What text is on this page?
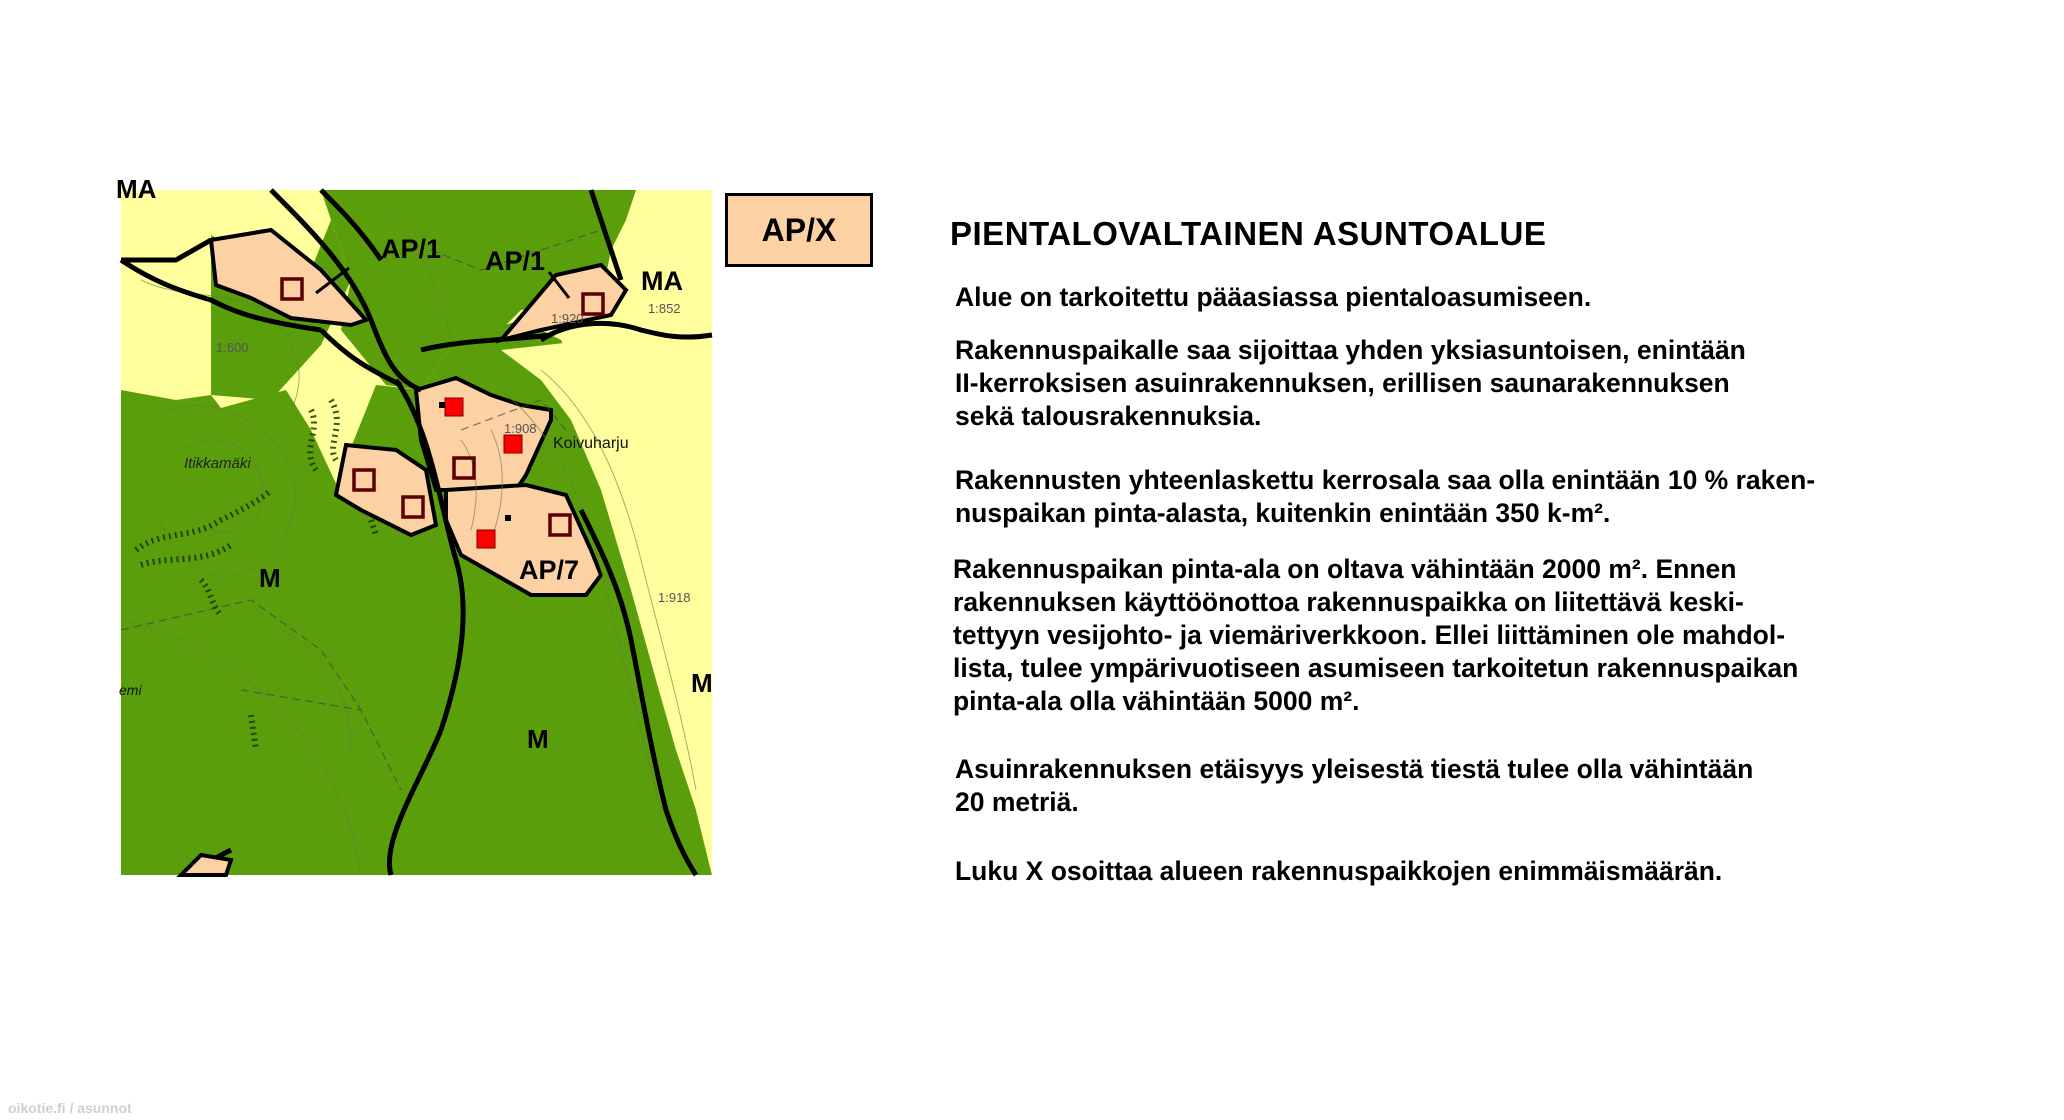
MA
AP/1 AP/1
MA
AP/7
M
M
M
Itikkamäki
Koivuharju
emi
1:600
1:920
1:852
1:908
1:918
AP/X	PIENTALOVALTAINEN ASUNTOALUE
Alue on tarkoitettu pääasiassa pientaloasumiseen.
Rakennuspaikalle saa sijoittaa yhden yksiasuntoisen, enintään
II-kerroksisen asuinrakennuksen, erillisen saunarakennuksen
sekä talousrakennuksia.
Rakennusten yhteenlaskettu kerrosala saa olla enintään 10 % raken-
nuspaikan pinta-alasta, kuitenkin enintään 350 k-m².
Rakennuspaikan pinta-ala on oltava vähintään 2000 m². Ennen
rakennuksen käyttöönottoa rakennuspaikka on liitettävä keski-
tettyyn vesijohto- ja viemäriverkkoon. Ellei liittäminen ole mahdol-
lista, tulee ympärivuotiseen asumiseen tarkoitetun rakennuspaikan
pinta-ala olla vähintään 5000 m².
Asuinrakennuksen etäisyys yleisestä tiestä tulee olla vähintään
20 metriä.
Luku X osoittaa alueen rakennuspaikkojen enimmäismäärän.
oikotie.fi / asunnot
